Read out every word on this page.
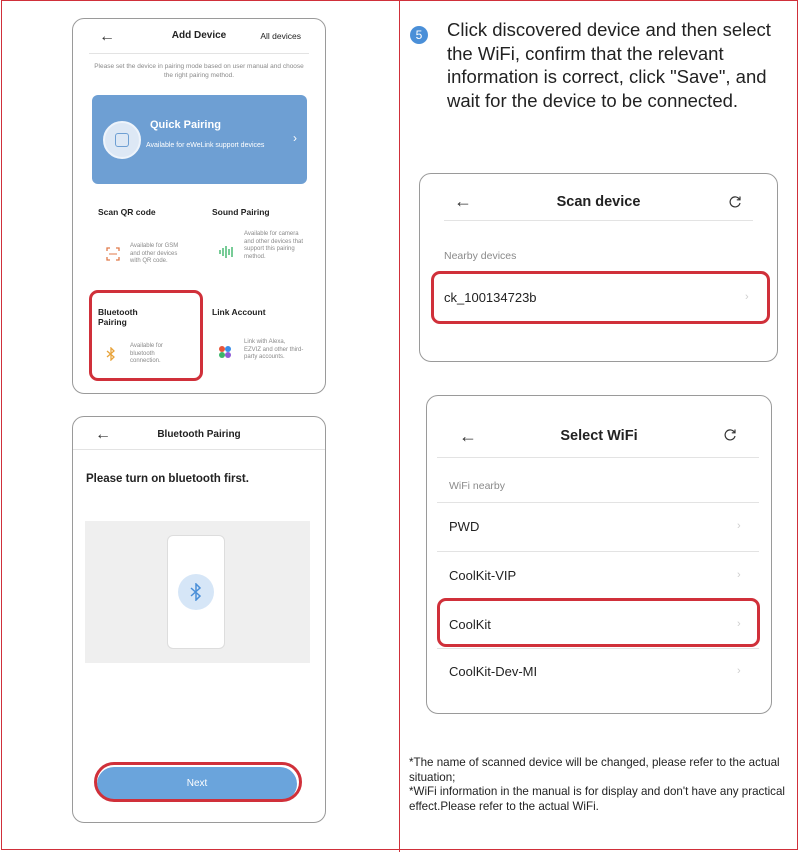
←	Add Device	All devices
Please set the device in pairing mode based on user manual and choose the right pairing method.
Quick Pairing
Available for eWeLink support devices
›
Scan QR code
Available for GSM and other devices with QR code.
Sound Pairing
Available for camera and other devices that support this pairing method.
Bluetooth Pairing
Available for bluetooth connection.
Link Account
Link with Alexa, EZVIZ and other third-party accounts.
←	Bluetooth Pairing
Please turn on bluetooth first.
Next
5	Click discovered device and then select the WiFi, confirm that the relevant information is correct, click "Save", and wait for the device to be connected.
←	Scan device
Nearby devices
ck_100134723b	›
←	Select WiFi
WiFi nearby
PWD	›
CoolKit-VIP	›
CoolKit	›
CoolKit-Dev-MI	›
*The name of scanned device will be changed, please refer to the actual situation;
*WiFi information in the manual is for display and don't have any practical effect.Please refer to the actual WiFi.
